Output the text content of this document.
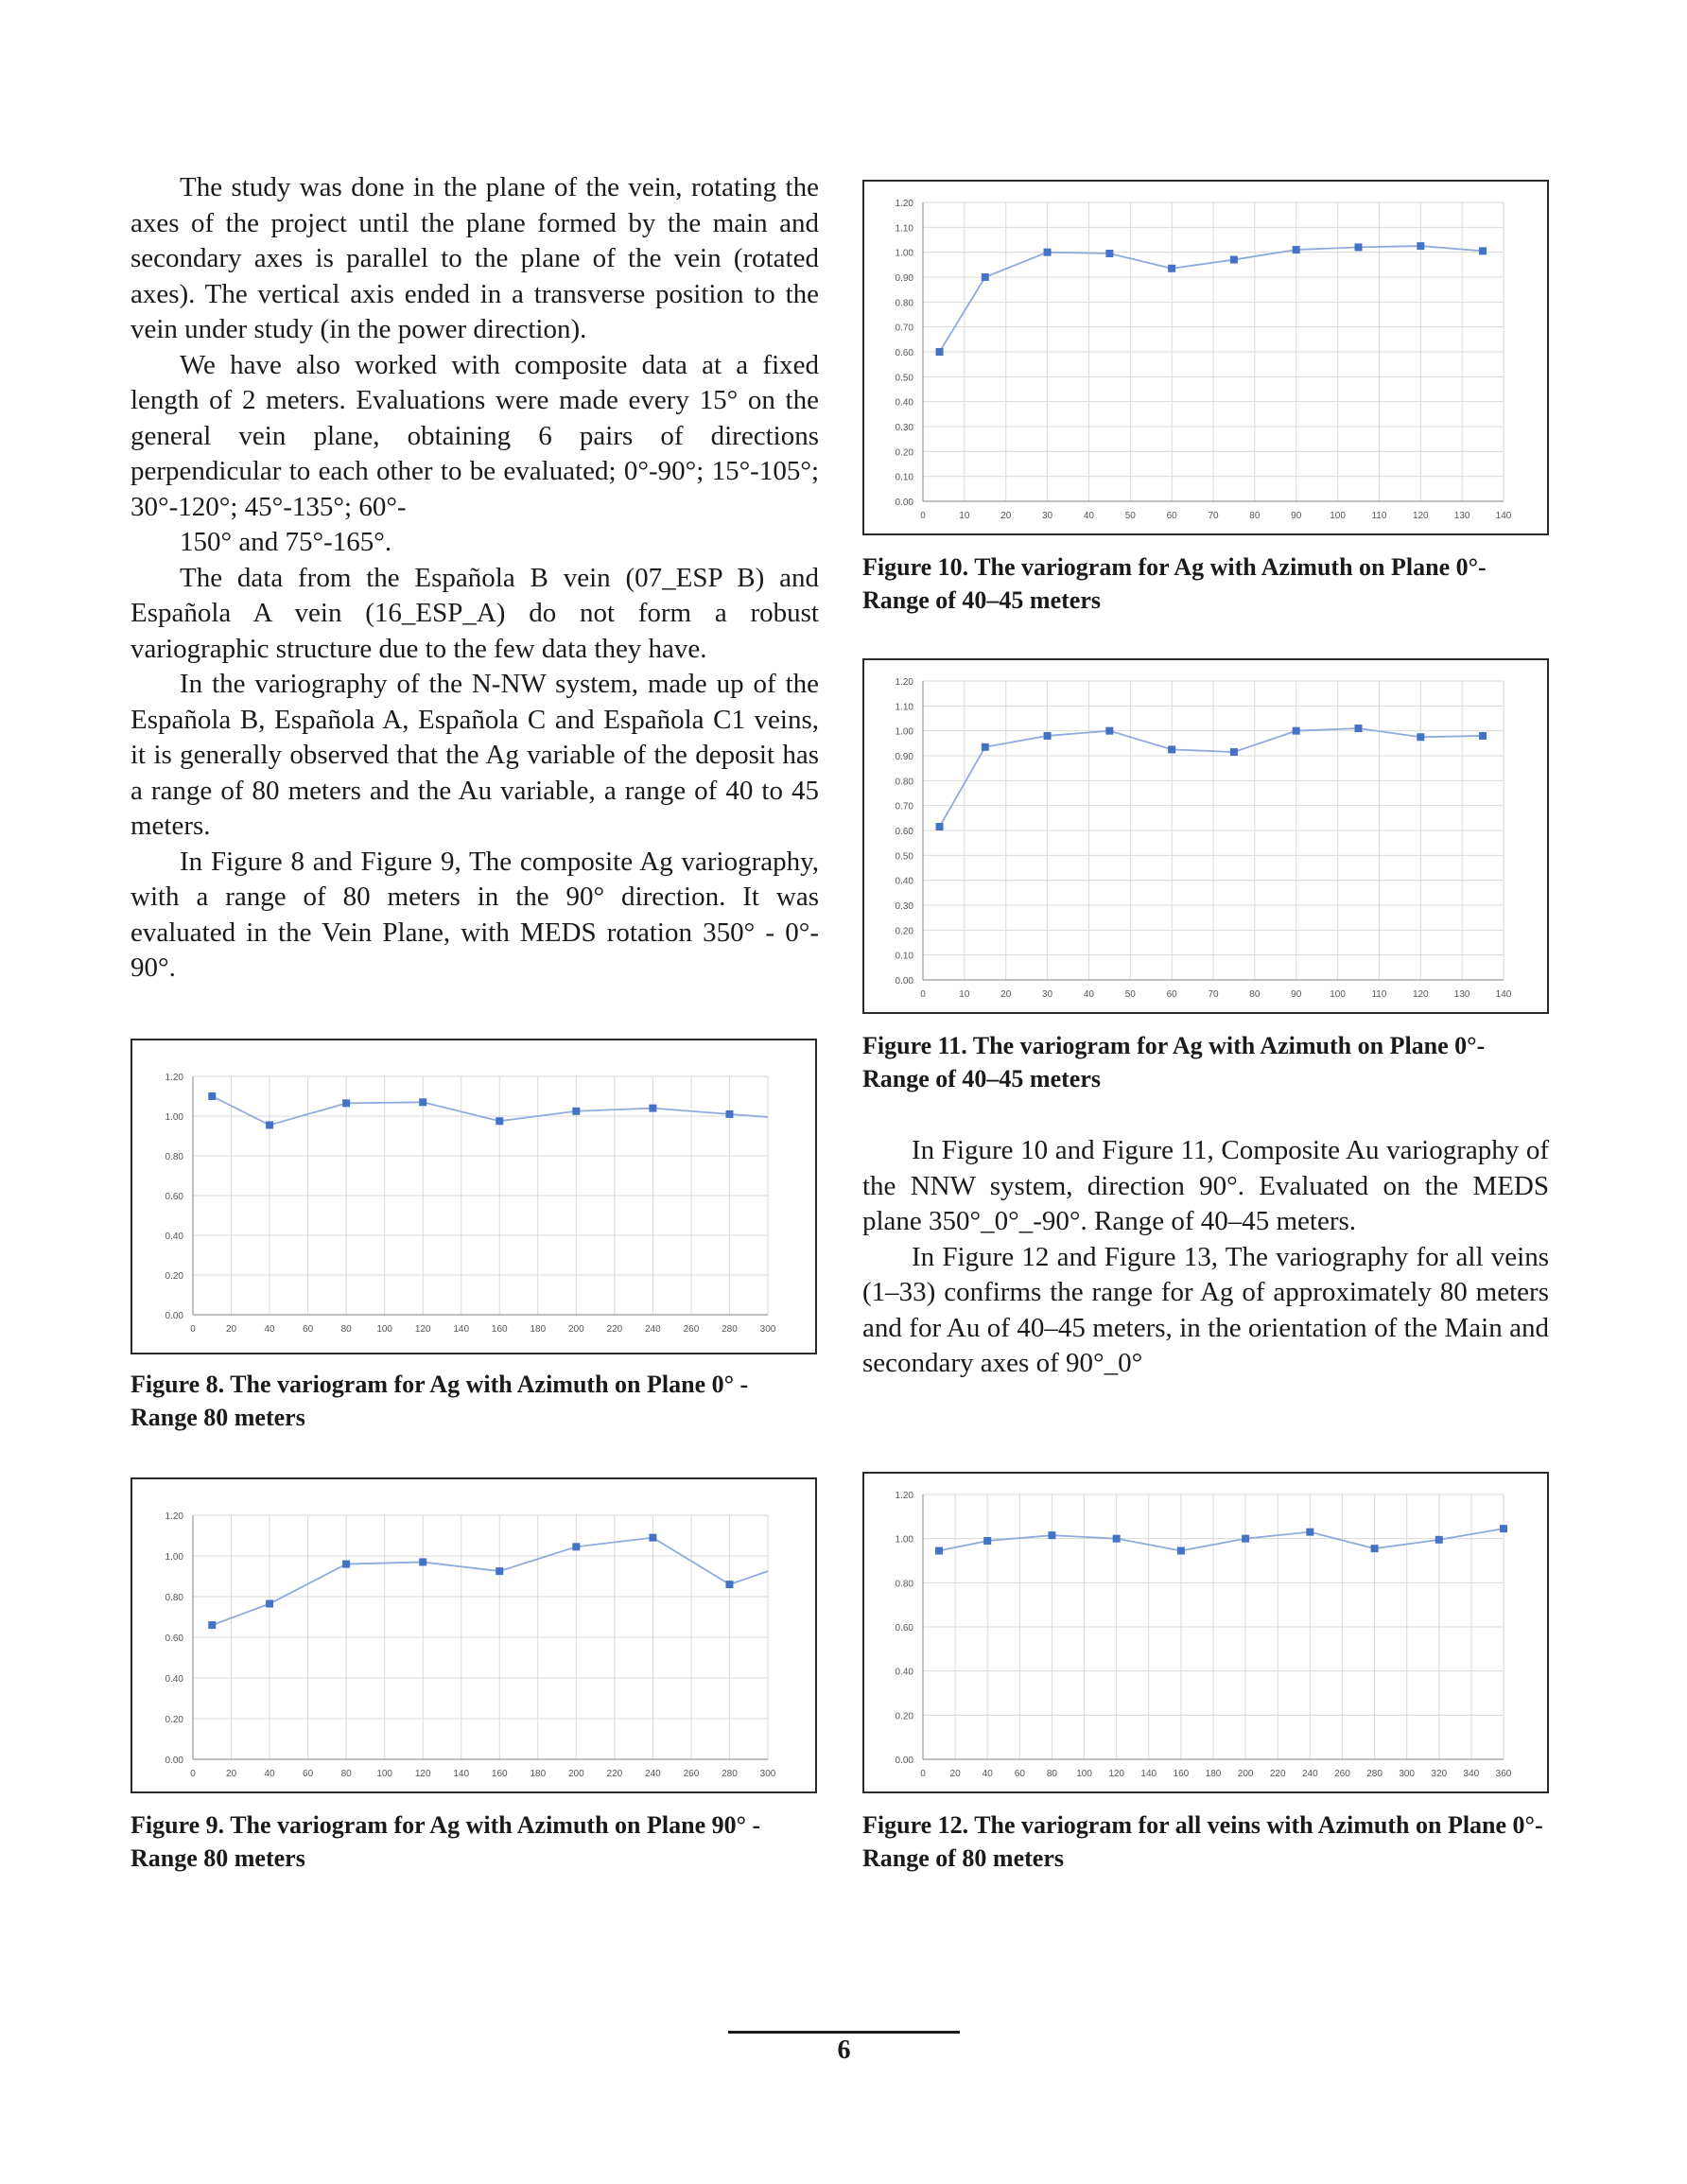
The study was done in the plane of the vein, rotating the axes of the project until the plane formed by the main and secondary axes is parallel to the plane of the vein (rotated axes). The vertical axis ended in a transverse position to the vein under study (in the power direction).

We have also worked with composite data at a fixed length of 2 meters. Evaluations were made every 15° on the general vein plane, obtaining 6 pairs of directions perpendicular to each other to be evaluated; 0°-90°; 15°-105°; 30°-120°; 45°-135°; 60°-

150° and 75°-165°.

The data from the Española B vein (07_ESP B) and Española A vein (16_ESP_A) do not form a robust variographic structure due to the few data they have.

In the variography of the N-NW system, made up of the Española B, Española A, Española C and Española C1 veins, it is generally observed that the Ag variable of the deposit has a range of 80 meters and the Au variable, a range of 40 to 45 meters.

In Figure 8 and Figure 9, The composite Ag variography, with a range of 80 meters in the 90° direction. It was evaluated in the Vein Plane, with MEDS rotation 350° - 0°- 90°.

0	10	20	30	40	50	60	70	80	90	100	110	120	130	140
0.00
0.10
0.20
0.30
0.40
0.50
0.60
0.70
0.80
0.90
1.00
1.10
1.20
Figure 10. The variogram for Ag with Azimuth on Plane 0°-Range of 40–45 meters
0	10	20	30	40	50	60	70	80	90	100	110	120	130	140
0.00
0.10
0.20
0.30
0.40
0.50
0.60
0.70
0.80
0.90
1.00
1.10
1.20
Figure 11. The variogram for Ag with Azimuth on Plane 0°-Range of 40–45 meters

In Figure 10 and Figure 11, Composite Au variography of the NNW system, direction 90°. Evaluated on the MEDS plane 350°_0°_-90°. Range of 40–45 meters.

In Figure 12 and Figure 13, The variography for all veins (1–33) confirms the range for Ag of approximately 80 meters and for Au of 40–45 meters, in the orientation of the Main and secondary axes of 90°_0°

0	20	40	60	80	100 120 140 160 180 200 220 240 260 280 300
0.00
0.20
0.40
0.60
0.80
1.00
1.20
Figure 8. The variogram for Ag with Azimuth on Plane 0° - Range 80 meters
0	20	40	60	80	100 120 140 160 180 200 220 240 260 280 300
0.00
0.20
0.40
0.60
0.80
1.00
1.20
Figure 9. The variogram for Ag with Azimuth on Plane 90° - Range 80 meters
0	20 40 60 80 100 120 140 160 180 200 220 240 260 280 300 320 340 360
0.00
0.20
0.40
0.60
0.80
1.00
1.20
Figure 12. The variogram for all veins with Azimuth on Plane 0°-Range of 80 meters
6
